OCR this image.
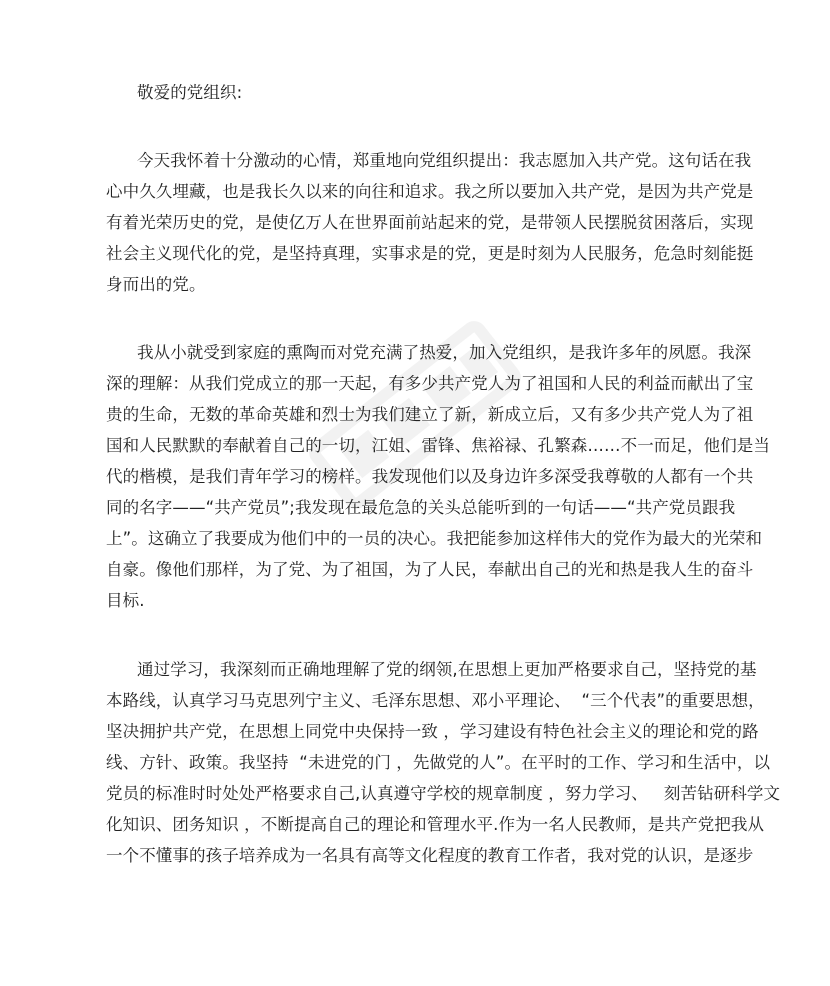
敬爱的党组织:
今天我怀着十分激动的心情，郑重地向党组织提出：我志愿加入共产党。这句话在我
心中久久埋藏，也是我长久以来的向往和追求。我之所以要加入共产党，是因为共产党是
有着光荣历史的党，是使亿万人在世界面前站起来的党，是带领人民摆脱贫困落后，实现
社会主义现代化的党，是坚持真理，实事求是的党，更是时刻为人民服务，危急时刻能挺
身而出的党。
我从小就受到家庭的熏陶而对党充满了热爱，加入党组织，是我许多年的夙愿。我深
深的理解：从我们党成立的那一天起，有多少共产党人为了祖国和人民的利益而献出了宝
贵的生命，无数的革命英雄和烈士为我们建立了新，新成立后，又有多少共产党人为了祖
国和人民默默的奉献着自己的一切，江姐、雷锋、焦裕禄、孔繁森……不一而足，他们是当
代的楷模，是我们青年学习的榜样。我发现他们以及身边许多深受我尊敬的人都有一个共
同的名字——“共产党员”;我发现在最危急的关头总能听到的一句话——“共产党员跟我
上”。这确立了我要成为他们中的一员的决心。我把能参加这样伟大的党作为最大的光荣和
自豪。像他们那样，为了党、为了祖国，为了人民，奉献出自己的光和热是我人生的奋斗
目标.
通过学习，我深刻而正确地理解了党的纲领,在思想上更加严格要求自己，坚持党的基
本路线，认真学习马克思列宁主义、毛泽东思想、邓小平理论、  “三个代表”的重要思想，
坚决拥护共产党，在思想上同党中央保持一致 ，学习建设有特色社会主义的理论和党的路
线、方针、政策。我坚持  “未进党的门 ，先做党的人”。在平时的工作、学习和生活中，以
党员的标准时时处处严格要求自己,认真遵守学校的规章制度 ，努力学习、   刻苦钻研科学文
化知识、团务知识 ，不断提高自己的理论和管理水平.作为一名人民教师，是共产党把我从
一个不懂事的孩子培养成为一名具有高等文化程度的教育工作者，我对党的认识，是逐步
